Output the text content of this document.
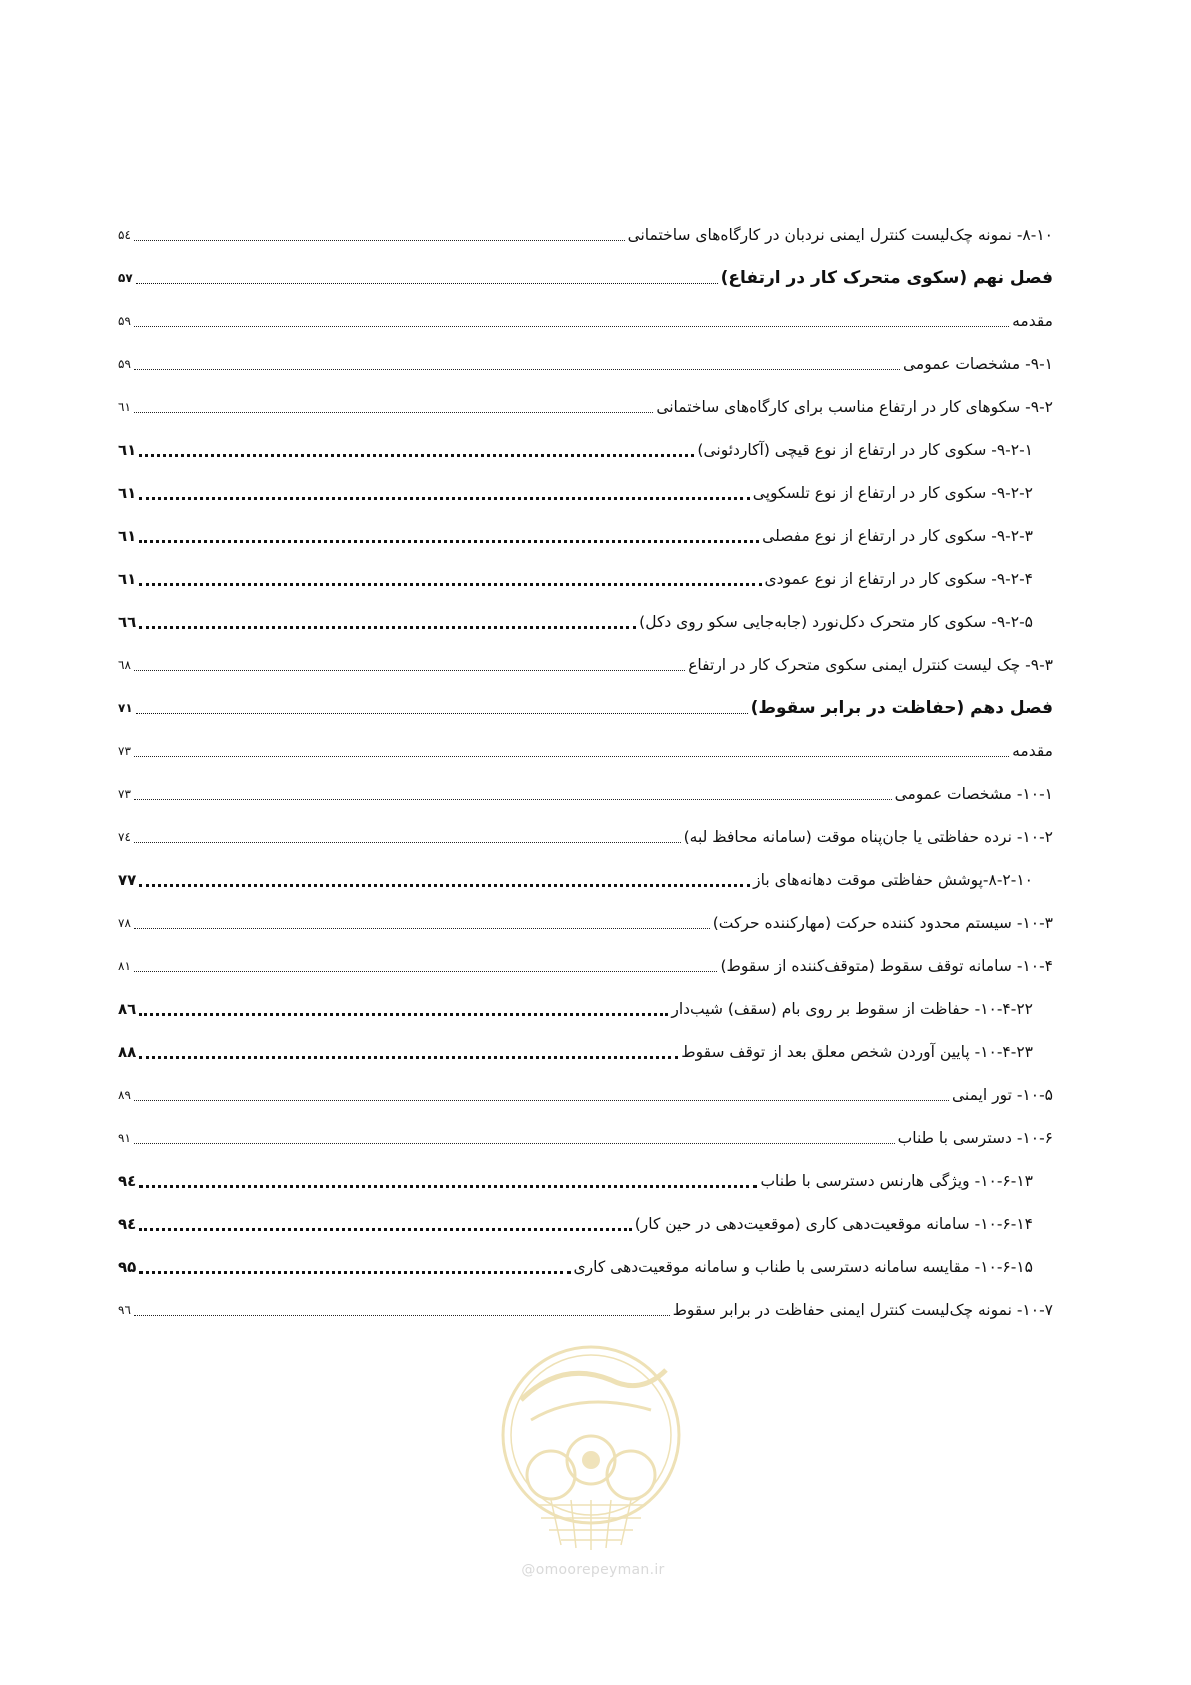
۸-۱۰- نمونه چک‌لیست کنترل ایمنی نردبان در کارگاه‌های ساختمانی
۵٤
فصل نهم (سکوی متحرک کار در ارتفاع)
۵۷
مقدمه
۵۹
۹-۱- مشخصات عمومی
۵۹
۹-۲- سکوهای کار در ارتفاع مناسب برای کارگاه‌های ساختمانی
٦۱
۹-۲-۱- سکوی کار در ارتفاع از نوع قیچی (آکاردئونی)
٦۱
۹-۲-۲- سکوی کار در ارتفاع از نوع تلسکوپی
٦۱
۹-۲-۳- سکوی کار در ارتفاع از نوع مفصلی
٦۱
۹-۲-۴- سکوی کار در ارتفاع از نوع عمودی
٦۱
۹-۲-۵- سکوی کار متحرک دکل‌نورد (جابه‌جایی سکو روی دکل)
٦٦
۹-۳- چک لیست کنترل ایمنی سکوی متحرک کار در ارتفاع
٦۸
فصل دهم (حفاظت در برابر سقوط)
۷۱
مقدمه
۷۳
۱۰-۱- مشخصات عمومی
۷۳
۱۰-۲- نرده حفاظتی یا جان‌پناه موقت (سامانه محافظ لبه)
۷٤
۸-۲-۱۰-پوشش حفاظتی موقت دهانه‌های باز
۷۷
۱۰-۳- سیستم محدود کننده حرکت (مهارکننده حرکت)
۷۸
۱۰-۴- سامانه توقف سقوط (متوقف‌کننده از سقوط)
۸۱
۱۰-۴-۲۲- حفاظت از سقوط بر روی بام (سقف) شیب‌دار
۸٦
۱۰-۴-۲۳- پایین آوردن شخص معلق بعد از توقف سقوط
۸۸
۱۰-۵- تور ایمنی
۸۹
۱۰-۶- دسترسی با طناب
۹۱
۱۰-۶-۱۳- ویژگی هارنس دسترسی با طناب
۹٤
۱۰-۶-۱۴- سامانه موقعیت‌دهی کاری (موقعیت‌دهی در حین کار)
۹٤
۱۰-۶-۱۵- مقایسه سامانه دسترسی با طناب و سامانه موقعیت‌دهی کاری
۹۵
۱۰-۷- نمونه چک‌لیست کنترل ایمنی حفاظت در برابر سقوط
۹٦
@omoorepeyman.ir
